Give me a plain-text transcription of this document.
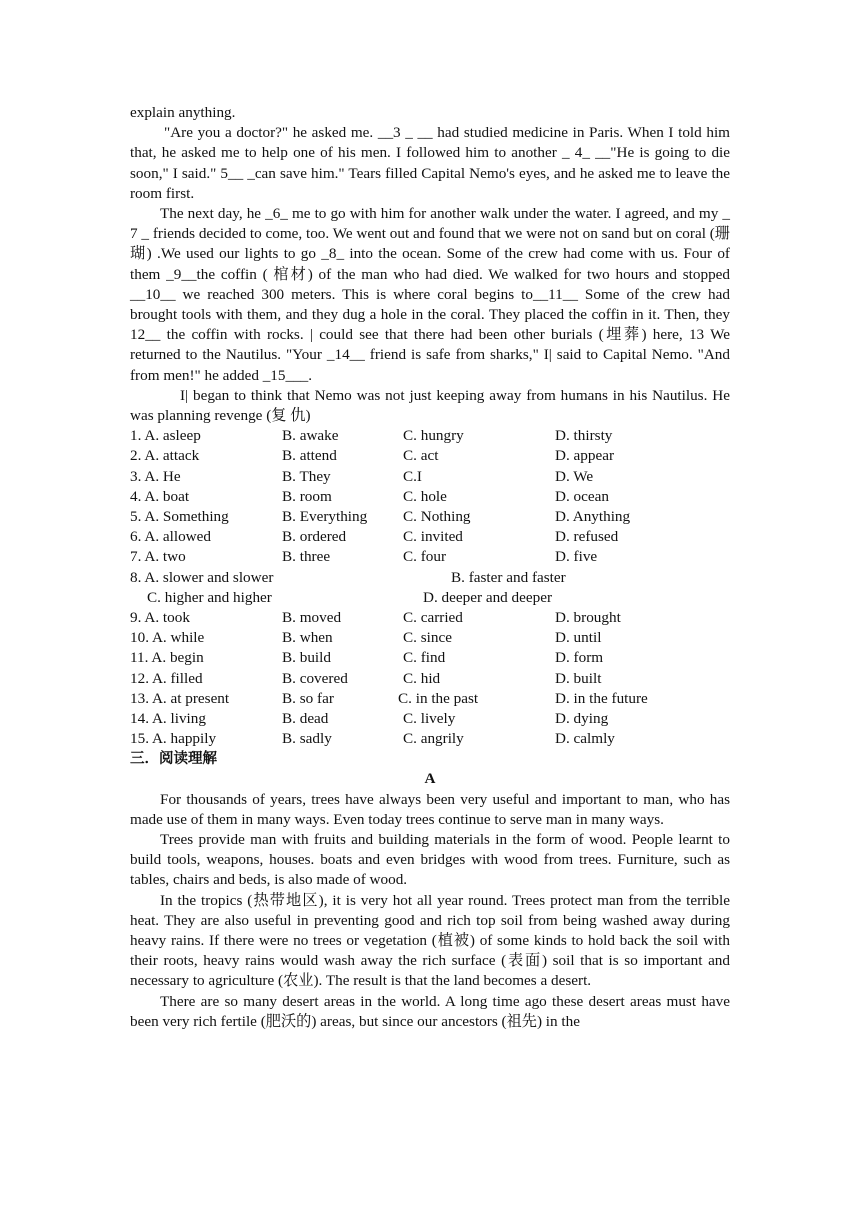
explain anything.

"Are you a doctor?" he asked me. __3 _ __ had studied medicine in Paris. When I told him that, he asked me to help one of his men. I followed him to another _ 4_ __"He is going to die soon," I said." 5__ _can save him." Tears filled Capital Nemo's eyes, and he asked me to leave the room first.

The next day, he _6_ me to go with him for another walk under the water. I agreed, and my _ 7 _ friends decided to come, too. We went out and found that we were not on sand but on coral (珊瑚) .We used our lights to go _8_ into the ocean. Some of the crew had come with us. Four of them _9__the coffin ( 棺材) of the man who had died. We walked for two hours and stopped __10__ we reached 300 meters. This is where coral begins to__11__ Some of the crew had brought tools with them, and they dug a hole in the coral. They placed the coffin in it. Then, they 12__ the coffin with rocks. | could see that there had been other burials (埋葬) here, 13 We returned to the Nautilus. "Your _14__ friend is safe from sharks," I| said to Capital Nemo. "And from men!" he added _15___.

I| began to think that Nemo was not just keeping away from humans in his Nautilus. He was planning revenge (复 仇)

1. A. asleep	B. awake	C. hungry	D. thirsty
2. A. attack	B. attend	C. act	D. appear
3. A. He	B. They	C.I	D. We
4. A. boat	B. room	C. hole	D. ocean
5. A. Something	B. Everything C. Nothing	D. Anything
6. A. allowed	B. ordered	C. invited	D. refused
7. A. two	B. three	C. four	D. five
8. A. slower and slower	B. faster and faster
C. higher and higher	D. deeper and deeper
9. A. took	B. moved	C. carried	D. brought
10. A. while	B. when	C. since	D. until
11. A. begin	B. build	C. find	D. form
12. A. filled	B. covered	C. hid	D. built
13. A. at present	B. so far	C. in the past	D. in the future
14. A. living	B. dead	C. lively	D. dying
15. A. happily	B. sadly	C. angrily	D. calmly

三．阅读理解

A

For thousands of years, trees have always been very useful and important to man, who has made use of them in many ways. Even today trees continue to serve man in many ways.

Trees provide man with fruits and building materials in the form of wood. People learnt to build tools, weapons, houses. boats and even bridges with wood from trees. Furniture, such as tables, chairs and beds, is also made of wood.

In the tropics (热带地区), it is very hot all year round. Trees protect man from the terrible heat. They are also useful in preventing good and rich top soil from being washed away during heavy rains. If there were no trees or vegetation (植被) of some kinds to hold back the soil with their roots, heavy rains would wash away the rich surface (表面) soil that is so important and necessary to agriculture (农业). The result is that the land becomes a desert.

There are so many desert areas in the world. A long time ago these desert areas must have been very rich fertile (肥沃的) areas, but since our ancestors (祖先) in the
